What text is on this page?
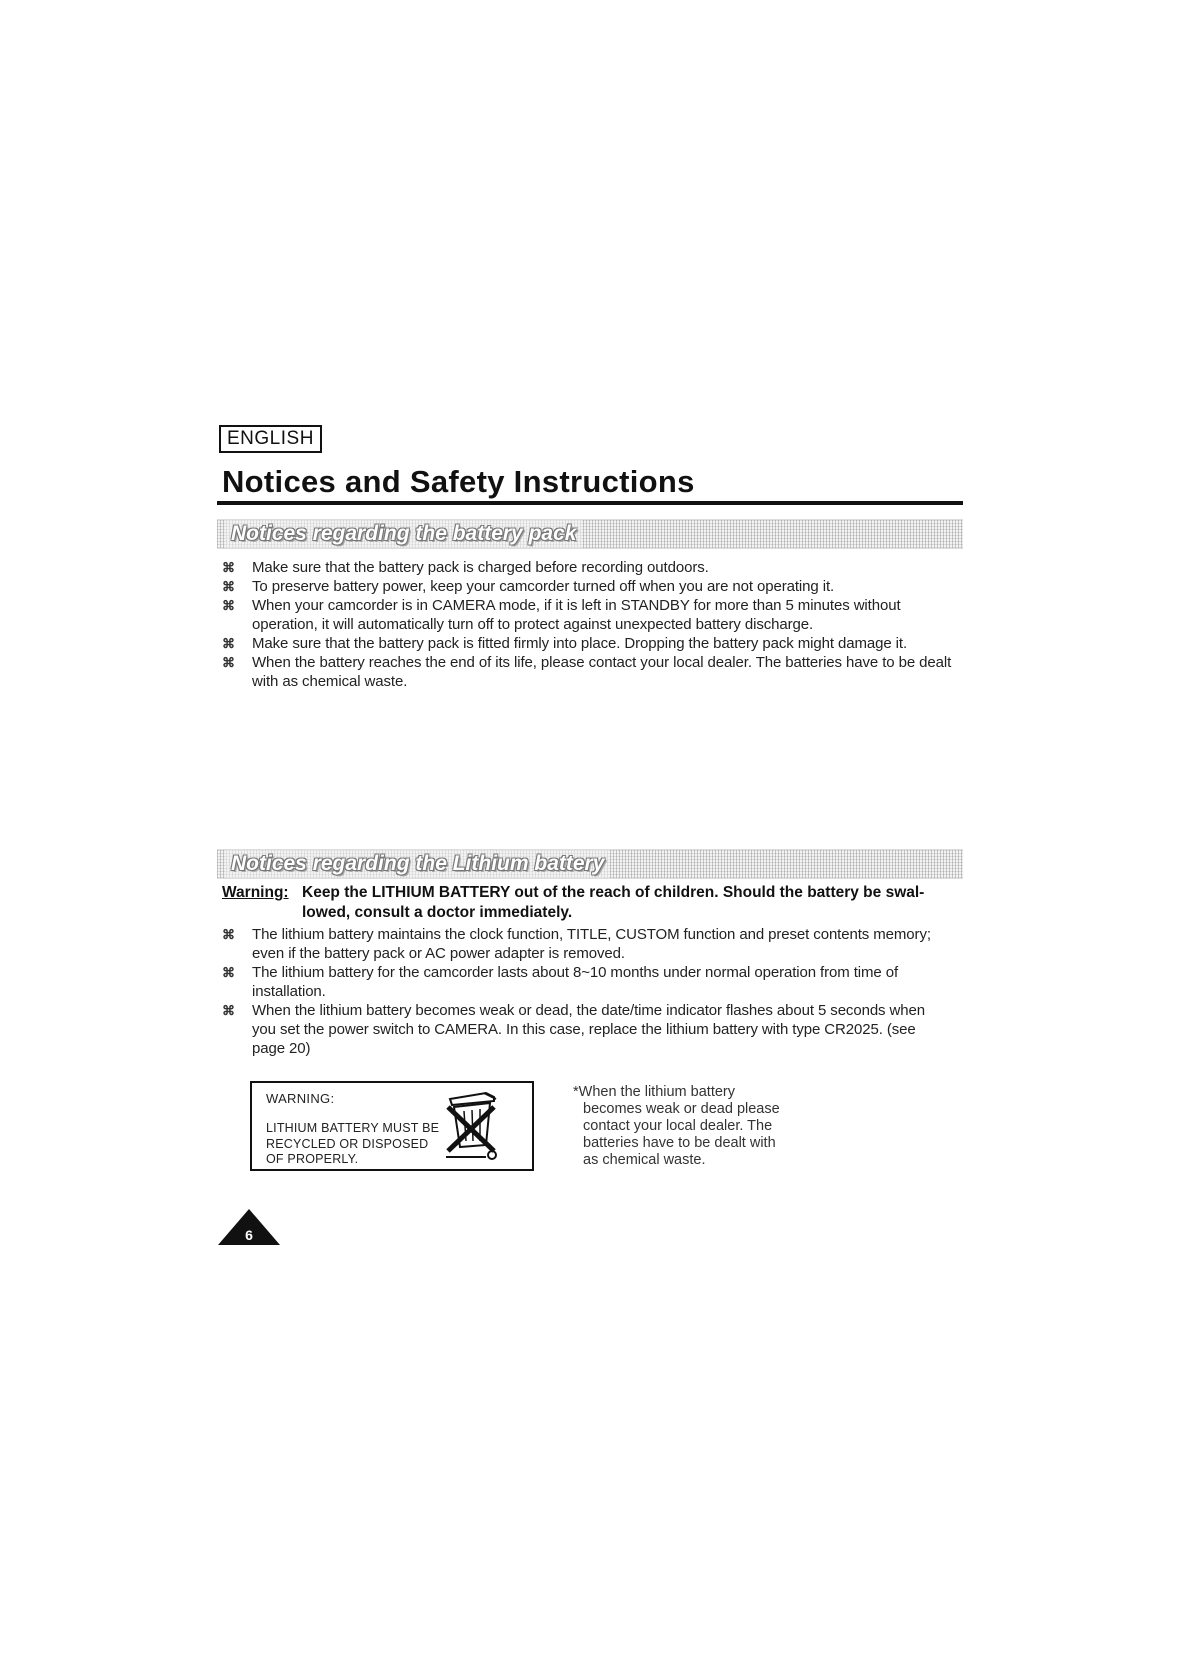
ENGLISH
Notices and Safety Instructions
Notices regarding the battery pack
⌘ Make sure that the battery pack is charged before recording outdoors.
⌘ To preserve battery power, keep your camcorder turned off when you are not operating it.
⌘ When your camcorder is in CAMERA mode, if it is left in STANDBY for more than 5 minutes without operation, it will automatically turn off to protect against unexpected battery discharge.
⌘ Make sure that the battery pack is fitted firmly into place. Dropping the battery pack might damage it.
⌘ When the battery reaches the end of its life, please contact your local dealer. The batteries have to be dealt with as chemical waste.
Notices regarding the Lithium battery
Warning: Keep the LITHIUM BATTERY out of the reach of children. Should the battery be swal-lowed, consult a doctor immediately.
⌘ The lithium battery maintains the clock function, TITLE, CUSTOM function and preset contents memory; even if the battery pack or AC power adapter is removed.
⌘ The lithium battery for the camcorder lasts about 8~10 months under normal operation from time of installation.
⌘ When the lithium battery becomes weak or dead, the date/time indicator flashes about 5 seconds when you set the power switch to CAMERA. In this case, replace the lithium battery with type CR2025. (see page 20)
WARNING:
LITHIUM BATTERY MUST BE
RECYCLED OR DISPOSED
OF PROPERLY.
*When the lithium battery
becomes weak or dead please
contact your local dealer. The
batteries have to be dealt with
as chemical waste.
6
